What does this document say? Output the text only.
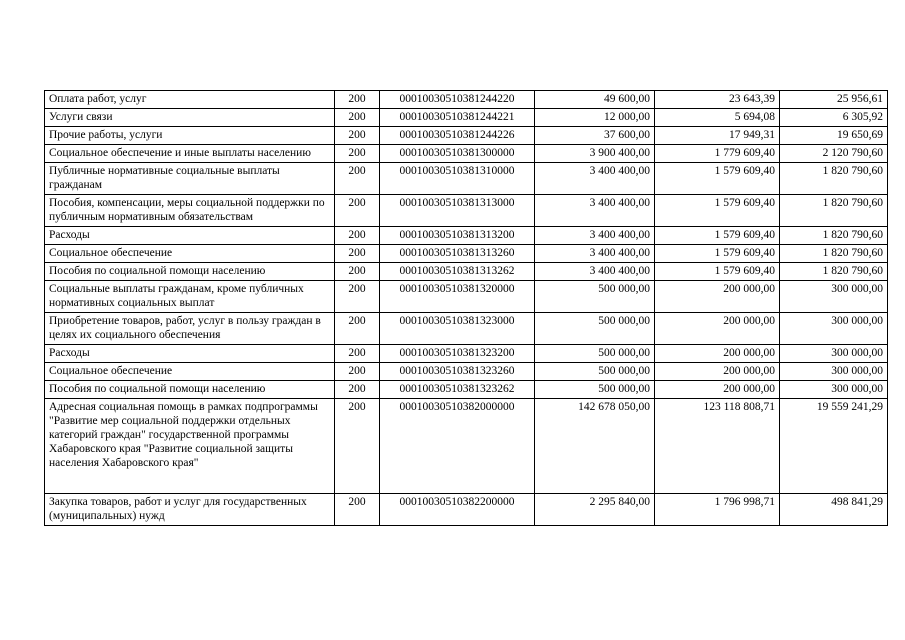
Оплата работ, услуг	200	00010030510381244220	49 600,00	23 643,39	25 956,61
Услуги связи	200	00010030510381244221	12 000,00	5 694,08	6 305,92
Прочие работы, услуги	200	00010030510381244226	37 600,00	17 949,31	19 650,69
Социальное обеспечение и иные выплаты населению	200	00010030510381300000	3 900 400,00	1 779 609,40	2 120 790,60
Публичные нормативные социальные выплаты гражданам	200	00010030510381310000	3 400 400,00	1 579 609,40	1 820 790,60
Пособия, компенсации, меры социальной поддержки по публичным нормативным обязательствам	200	00010030510381313000	3 400 400,00	1 579 609,40	1 820 790,60
Расходы	200	00010030510381313200	3 400 400,00	1 579 609,40	1 820 790,60
Социальное обеспечение	200	00010030510381313260	3 400 400,00	1 579 609,40	1 820 790,60
Пособия по социальной помощи населению	200	00010030510381313262	3 400 400,00	1 579 609,40	1 820 790,60
Социальные выплаты гражданам, кроме публичных нормативных социальных выплат	200	00010030510381320000	500 000,00	200 000,00	300 000,00
Приобретение товаров, работ, услуг в пользу граждан в целях их социального обеспечения	200	00010030510381323000	500 000,00	200 000,00	300 000,00
Расходы	200	00010030510381323200	500 000,00	200 000,00	300 000,00
Социальное обеспечение	200	00010030510381323260	500 000,00	200 000,00	300 000,00
Пособия по социальной помощи населению	200	00010030510381323262	500 000,00	200 000,00	300 000,00
Адресная социальная помощь в рамках подпрограммы "Развитие мер социальной поддержки отдельных категорий граждан" государственной программы Хабаровского края "Развитие социальной защиты населения Хабаровского края"	200	00010030510382000000	142 678 050,00	123 118 808,71	19 559 241,29
Закупка товаров, работ и услуг для государственных (муниципальных) нужд	200	00010030510382200000	2 295 840,00	1 796 998,71	498 841,29
